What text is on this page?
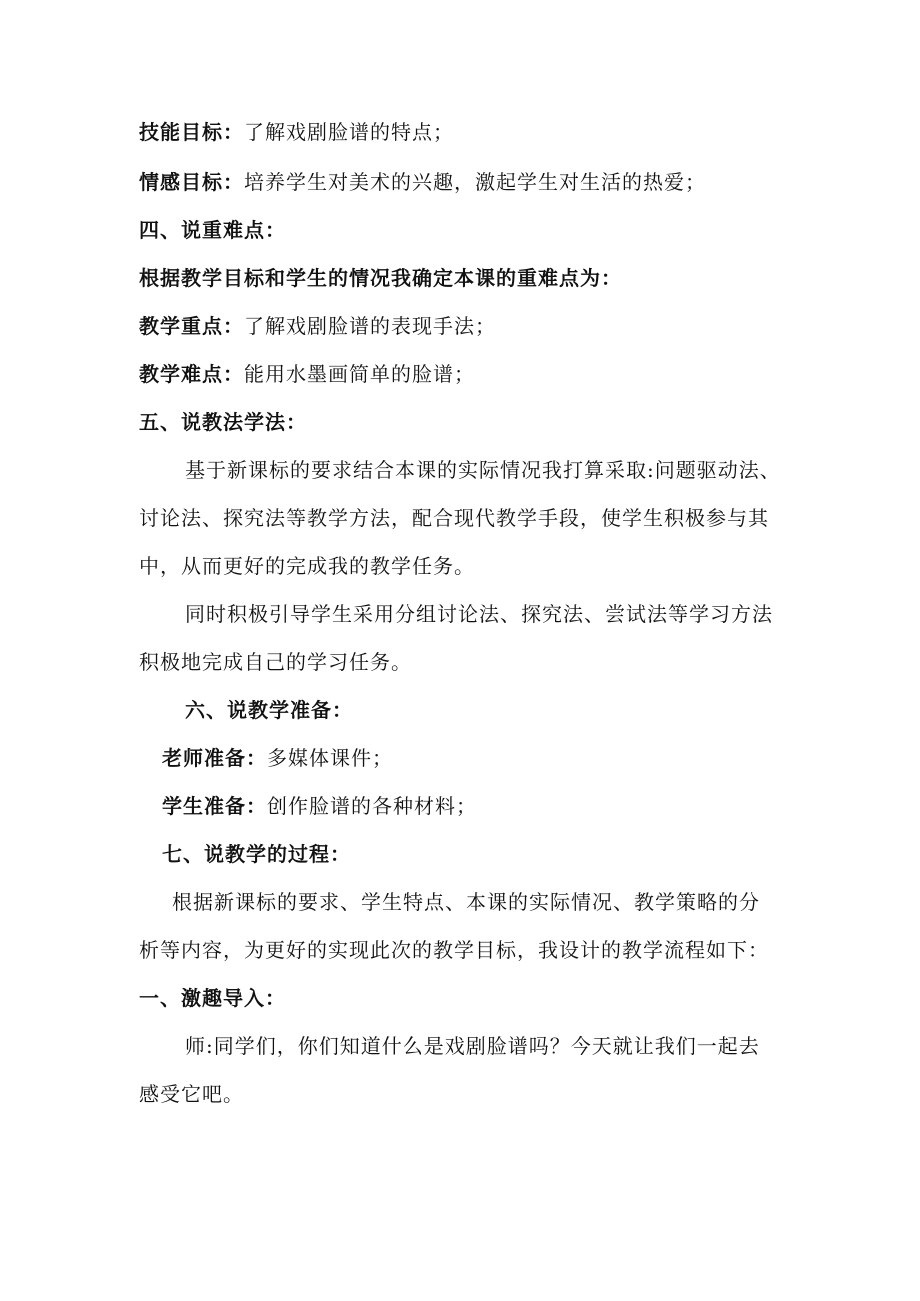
技能目标：了解戏剧脸谱的特点；
情感目标：培养学生对美术的兴趣，激起学生对生活的热爱；
四、说重难点：
根据教学目标和学生的情况我确定本课的重难点为：
教学重点：了解戏剧脸谱的表现手法；
教学难点：能用水墨画简单的脸谱；
五、说教法学法：
基于新课标的要求结合本课的实际情况我打算采取:问题驱动法、
讨论法、探究法等教学方法，配合现代教学手段，使学生积极参与其
中，从而更好的完成我的教学任务。
同时积极引导学生采用分组讨论法、探究法、尝试法等学习方法
积极地完成自己的学习任务。
六、说教学准备：
老师准备：多媒体课件；
学生准备：创作脸谱的各种材料；
七、说教学的过程：
根据新课标的要求、学生特点、本课的实际情况、教学策略的分
析等内容，为更好的实现此次的教学目标，我设计的教学流程如下：
一、激趣导入：
师:同学们，你们知道什么是戏剧脸谱吗？今天就让我们一起去
感受它吧。
